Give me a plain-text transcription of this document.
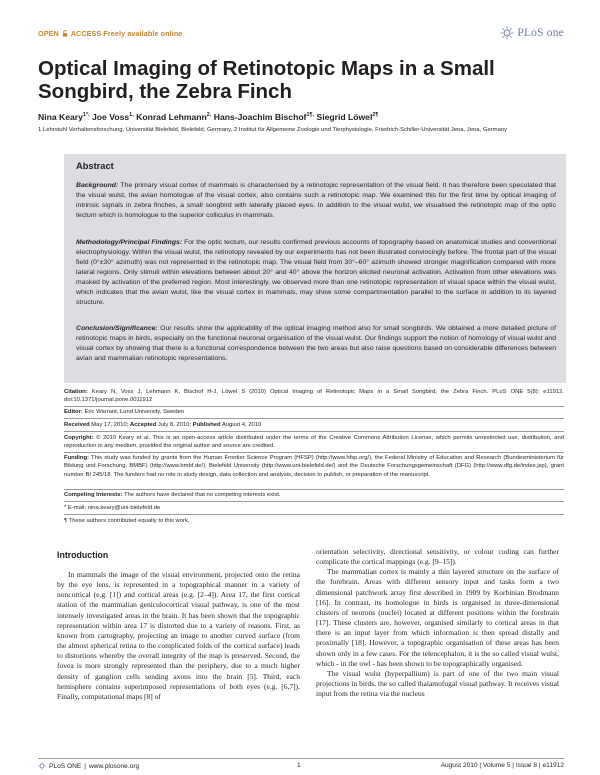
OPEN ACCESS Freely available online	PLoS one
Optical Imaging of Retinotopic Maps in a Small Songbird, the Zebra Finch
Nina Keary$^{1*,}$ Joe Voss$^{1,}$ Konrad Lehmann$^{2,}$ Hans-Joachim Bischof$^{1\P,}$ Siegrid Löwel$^{2\P}$
1 Lehrstuhl Verhaltensforschung, Universität Bielefeld, Bielefeld, Germany, 2 Institut für Allgemeine Zoologie und Tierphysiologie, Friedrich-Schiller-Universität Jena, Jena, Germany
Abstract
Background: The primary visual cortex of mammals is characterised by a retinotopic representation of the visual field. It has therefore been speculated that the visual wulst, the avian homologue of the visual cortex, also contains such a retinotopic map. We examined this for the first time by optical imaging of intrinsic signals in zebra finches, a small songbird with laterally placed eyes. In addition to the visual wulst, we visualised the retinotopic map of the optic tectum which is homologue to the superior colliculus in mammals.
Methodology/Principal Findings: For the optic tectum, our results confirmed previous accounts of topography based on anatomical studies and conventional electrophysiology. Within the visual wulst, the retinotopy revealed by our experiments has not been illustrated convincingly before. The frontal part of the visual field (0°±30° azimuth) was not represented in the retinotopic map. The visual field from 30°–60° azimuth showed stronger magnification compared with more lateral regions. Only stimuli within elevations between about 20° and 40° above the horizon elicited neuronal activation. Activation from other elevations was masked by activation of the preferred region. Most interestingly, we observed more than one retinotopic representation of visual space within the visual wulst, which indicates that the avian wulst, like the visual cortex in mammals, may show some compartmentation parallel to the surface in addition to its layered structure.
Conclusion/Significance: Our results show the applicability of the optical imaging method also for small songbirds. We obtained a more detailed picture of retinotopic maps in birds, especially on the functional neuronal organisation of the visual wulst. Our findings support the notion of homology of visual wulst and visual cortex by showing that there is a functional correspondence between the two areas but also raise questions based on considerable differences between avian and mammalian retinotopic representations.
Citation: Keary N, Voss J, Lehmann K, Bischof H-J, Löwel S (2010) Optical Imaging of Retinotopic Maps in a Small Songbird, the Zebra Finch. PLoS ONE 5(8): e11912. doi:10.1371/journal.pone.0011912
Editor: Eric Warrant, Lund University, Sweden
Received May 17, 2010; Accepted July 8, 2010; Published August 4, 2010
Copyright: © 2010 Keary et al. This is an open-access article distributed under the terms of the Creative Commons Attribution License, which permits unrestricted use, distribution, and reproduction in any medium, provided the original author and source are credited.
Funding: This study was funded by grants from the Human Frontier Science Program (HFSP) (http://www.hfsp.org/), the Federal Ministry of Education and Research (Bundesministerium für Bildung und Forschung, BMBF) (http://www.bmbf.de/), Bielefeld University (http://www.uni-bielefeld.de/) and the Deutsche Forschungsgemeinschaft (DFG) (http://www.dfg.de/index.jsp), grant number BI 245/18. The funders had no role in study design, data collection and analysis, decision to publish, or preparation of the manuscript.
Competing Interests: The authors have declared that no competing interests exist.
* E-mail: nina.keary@uni-bielefeld.de
¶ These authors contributed equally to this work.
Introduction

In mammals the image of the visual environment, projected onto the retina by the eye lens, is represented in a topographical manner in a variety of noncortical (e.g. [1]) and cortical areas (e.g. [2–4]). Area 17, the first cortical station of the mammalian geniculocortical visual pathway, is one of the most intensely investigated areas in the brain. It has been shown that the topographic representation within area 17 is distorted due to a variety of reasons. First, as known from cartography, projecting an image to another curved surface (from the almost spherical retina to the complicated folds of the cortical surface) leads to distortions whereby the overall integrity of the map is preserved. Second, the fovea is more strongly represented than the periphery, due to a much higher density of ganglion cells sending axons into the brain [5]. Third, each hemisphere contains superimposed representations of both eyes (e.g. [6,7]). Finally, computational maps [8] of

orientation selectivity, directional sensitivity, or colour coding can further complicate the cortical mappings (e.g. [9–15]).

The mammalian cortex is mainly a thin layered structure on the surface of the forebrain. Areas with different sensory input and tasks form a two dimensional patchwork array first described in 1909 by Korbinian Brodmann [16]. In contrast, its homologue in birds is organised in three-dimensional clusters of neurons (nuclei) located at different positions within the forebrain [17]. These clusters are, however, organised similarly to cortical areas in that there is an input layer from which information is then spread distally and proximally [18]. However, a topographic organisation of these areas has been shown only in a few cases. For the telencephalon, it is the so called visual wulst, which - in the owl - has been shown to be topographically organised.

The visual wulst (hyperpallium) is part of one of the two main visual projections in birds, the so called thalamofugal visual pathway. It receives visual input from the retina via the nucleus

PLoS ONE | www.plosone.org	1	August 2010 | Volume 5 | Issue 8 | e11912
